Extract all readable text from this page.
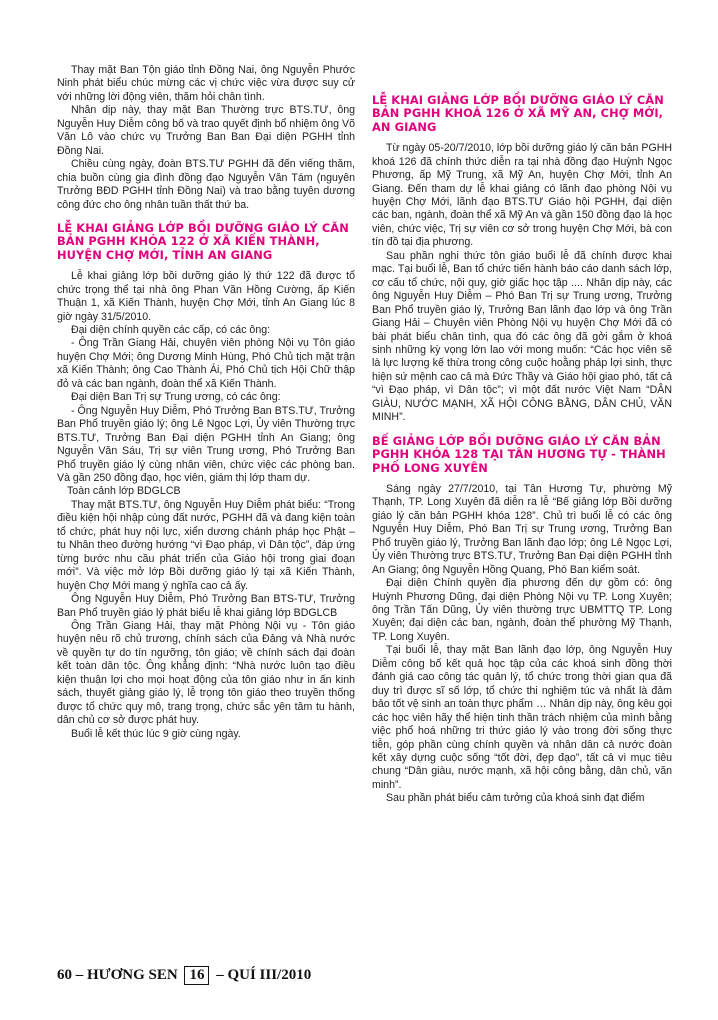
Thay mặt Ban Tộn giáo tỉnh Đồng Nai, ông Nguyễn Phước Ninh phát biểu chúc mừng các vị chức việc vừa được suy cử với những lời động viên, thăm hỏi chân tình.

Nhân dịp này, thay mặt Ban Thường trực BTS.TƯ, ông Nguyễn Huy Diễm công bố và trao quyết định bổ nhiệm ông Võ Văn Lô vào chức vụ Trưởng Ban Ban Đại diện PGHH tỉnh Đồng Nai.

Chiều cùng ngày, đoàn BTS.TƯ PGHH đã đến viếng thăm, chia buồn cùng gia đình đồng đạo Nguyễn Văn Tám (nguyên Trưởng BĐD PGHH tỉnh Đồng Nai) và trao bằng tuyên dương công đức cho ông nhân tuần thất thứ ba.

LỄ KHAI GIẢNG LỚP BỒI DƯỠNG GIÁO LÝ CĂN BẢN PGHH KHÓA 122 Ở XÃ KIẾN THÀNH, HUYỆN CHỢ MỚI, TỈNH AN GIANG

Lễ khai giảng lớp bồi dưỡng giáo lý thứ 122 đã được tổ chức trọng thể tại nhà ông Phan Văn Hồng Cường, ấp Kiến Thuận 1, xã Kiến Thành, huyện Chợ Mới, tỉnh An Giang lúc 8 giờ ngày 31/5/2010.

Đại diện chính quyền các cấp, có các ông:

- Ông Trần Giang Hải, chuyên viên phòng Nội vụ Tôn giáo huyện Chợ Mới; ông Dương Minh Hùng, Phó Chủ tịch mặt trận xã Kiến Thành; ông Cao Thành Ái, Phó Chủ tịch Hội Chữ thập đỏ và các ban ngành, đoàn thể xã Kiến Thành.

Đại diện Ban Trị sự Trung ương, có các ông:

- Ông Nguyễn Huy Diễm, Phó Trưởng Ban BTS.TƯ, Trưởng Ban Phổ truyền giáo lý; ông Lê Ngọc Lợi, Ủy viên Thường trực BTS.TƯ, Trưởng Ban Đại diện PGHH tỉnh An Giang; ông Nguyễn Văn Sáu, Trị sự viên Trung ương, Phó Trưởng Ban Phổ truyền giáo lý cùng nhân viên, chức việc các phòng ban. Và gần 250 đồng đạo, học viên, giám thị lớp tham dự.

Toàn cảnh lớp BDGLCB

Thay mặt BTS.TƯ, ông Nguyễn Huy Diễm phát biểu: “Trong điều kiện hội nhập cùng đất nước, PGHH đã và đang kiện toàn tổ chức, phát huy nội lực, xiển dương chánh pháp học Phật – tu Nhân theo đường hướng “vì Đạo pháp, vì Dân tộc”, đáp ứng từng bước nhu cầu phát triển của Giáo hội trong giai đoạn mới”. Và việc mở lớp Bồi dưỡng giáo lý tại xã Kiến Thành, huyện Chợ Mới mang ý nghĩa cao cả ấy.

Ông Nguyễn Huy Diễm, Phó Trưởng Ban BTS-TƯ, Trưởng Ban Phổ truyền giáo lý phát biểu lễ khai giảng lớp BDGLCB

Ông Trần Giang Hải, thay mặt Phòng Nội vụ - Tôn giáo huyện nêu rõ chủ trương, chính sách của Đảng và Nhà nước về quyền tự do tín ngưỡng, tôn giáo; về chính sách đại đoàn kết toàn dân tộc. Ông khẳng định: “Nhà nước luôn tạo điều kiện thuận lợi cho mọi hoạt động của tôn giáo như in ấn kinh sách, thuyết giảng giáo lý, lễ trọng tôn giáo theo truyền thống được tổ chức quy mô, trang trọng, chức sắc yên tâm tu hành, dân chủ cơ sở được phát huy.

Buổi lễ kết thúc lúc 9 giờ cùng ngày.

LỄ KHAI GIẢNG LỚP BỒI DƯỠNG GIÁO LÝ CĂN BẢN PGHH KHOÁ 126 Ở XÃ MỸ AN, CHỢ MỚI, AN GIANG

Từ ngày 05-20/7/2010, lớp bồi dưỡng giáo lý căn bản PGHH khoá 126 đã chính thức diễn ra tại nhà đồng đạo Huỳnh Ngọc Phương, ấp Mỹ Trung, xã Mỹ An, huyện Chợ Mới, tỉnh An Giang. Đến tham dự lễ khai giảng có lãnh đạo phòng Nội vụ huyện Chợ Mới, lãnh đạo BTS.TƯ Giáo hội PGHH, đại diện các ban, ngành, đoàn thể xã Mỹ An và gần 150 đồng đạo là học viên, chức việc, Trị sự viên cơ sở trong huyện Chợ Mới, bà con tín đồ tại địa phương.

Sau phần nghi thức tôn giáo buổi lễ đã chính được khai mạc. Tại buổi lễ, Ban tổ chức tiến hành báo cáo danh sách lớp, cơ cấu tổ chức, nội quy, giờ giấc học tập .... Nhân dịp này, các ông Nguyễn Huy Diễm – Phó Ban Trị sự Trung ương, Trưởng Ban Phổ truyền giáo lý, Trưởng Ban lãnh đạo lớp và ông Trần Giang Hải – Chuyên viên Phòng Nội vụ huyện Chợ Mới đã có bài phát biểu chân tình, qua đó các ông đã gởi gắm ở khoá sinh những kỳ vọng lớn lao với mong muốn: “Các học viên sẽ là lực lượng kế thừa trong công cuộc hoằng pháp lợi sinh, thực hiện sứ mệnh cao cả mà Đức Thầy và Giáo hội giao phó, tất cả “vì Đạo pháp, vì Dân tộc”; vì một đất nước Việt Nam “DÂN GIÀU, NƯỚC MẠNH, XÃ HỘI CÔNG BẰNG, DÂN CHỦ, VĂN MINH”.

BẾ GIẢNG LỚP BỒI DƯỠNG GIÁO LÝ CĂN BẢN PGHH KHÓA 128 TẠI TÂN HƯƠNG TỰ - THÀNH PHỐ LONG XUYÊN

Sáng ngày 27/7/2010, tại Tân Hương Tự, phường Mỹ Thạnh, TP. Long Xuyên đã diễn ra lễ “Bế giảng lớp Bồi dưỡng giáo lý căn bản PGHH khóa 128”. Chủ trì buổi lễ có các ông Nguyễn Huy Diễm, Phó Ban Trị sự Trung ương, Trưởng Ban Phổ truyền giáo lý, Trưởng Ban lãnh đạo lớp; ông Lê Ngọc Lợi, Ủy viên Thường trực BTS.TƯ, Trưởng Ban Đại diện PGHH tỉnh An Giang; ông Nguyễn Hồng Quang, Phó Ban kiểm soát.

Đại diện Chính quyền địa phương đến dự gồm có: ông Huỳnh Phương Dũng, đại diện Phòng Nội vụ TP. Long Xuyên; ông Trần Tấn Dũng, Ủy viên thường trực UBMTTQ TP. Long Xuyên; đại diện các ban, ngành, đoàn thể phường Mỹ Thạnh, TP. Long Xuyên.

Tại buổi lễ, thay mặt Ban lãnh đạo lớp, ông Nguyễn Huy Diễm công bố kết quả học tập của các khoá sinh đồng thời đánh giá cao công tác quản lý, tổ chức trong thời gian qua đã duy trì được sĩ số lớp, tổ chức thi nghiệm túc và nhất là đảm bảo tốt vệ sinh an toàn thực phẩm … Nhân dịp này, ông kêu gọi các học viên hãy thể hiện tinh thần trách nhiệm của mình bằng việc phổ hoá những tri thức giáo lý vào trong đời sống thực tiễn, góp phần cùng chính quyền và nhân dân cả nước đoàn kết xây dựng cuộc sống “tốt đời, đẹp đạo”, tất cả vì mục tiêu chung “Dân giàu, nước mạnh, xã hội công bằng, dân chủ, văn minh”.

Sau phần phát biểu cảm tưởng của khoá sinh đạt điểm

60 – HƯƠNG SEN 16 – QUÍ III/2010
